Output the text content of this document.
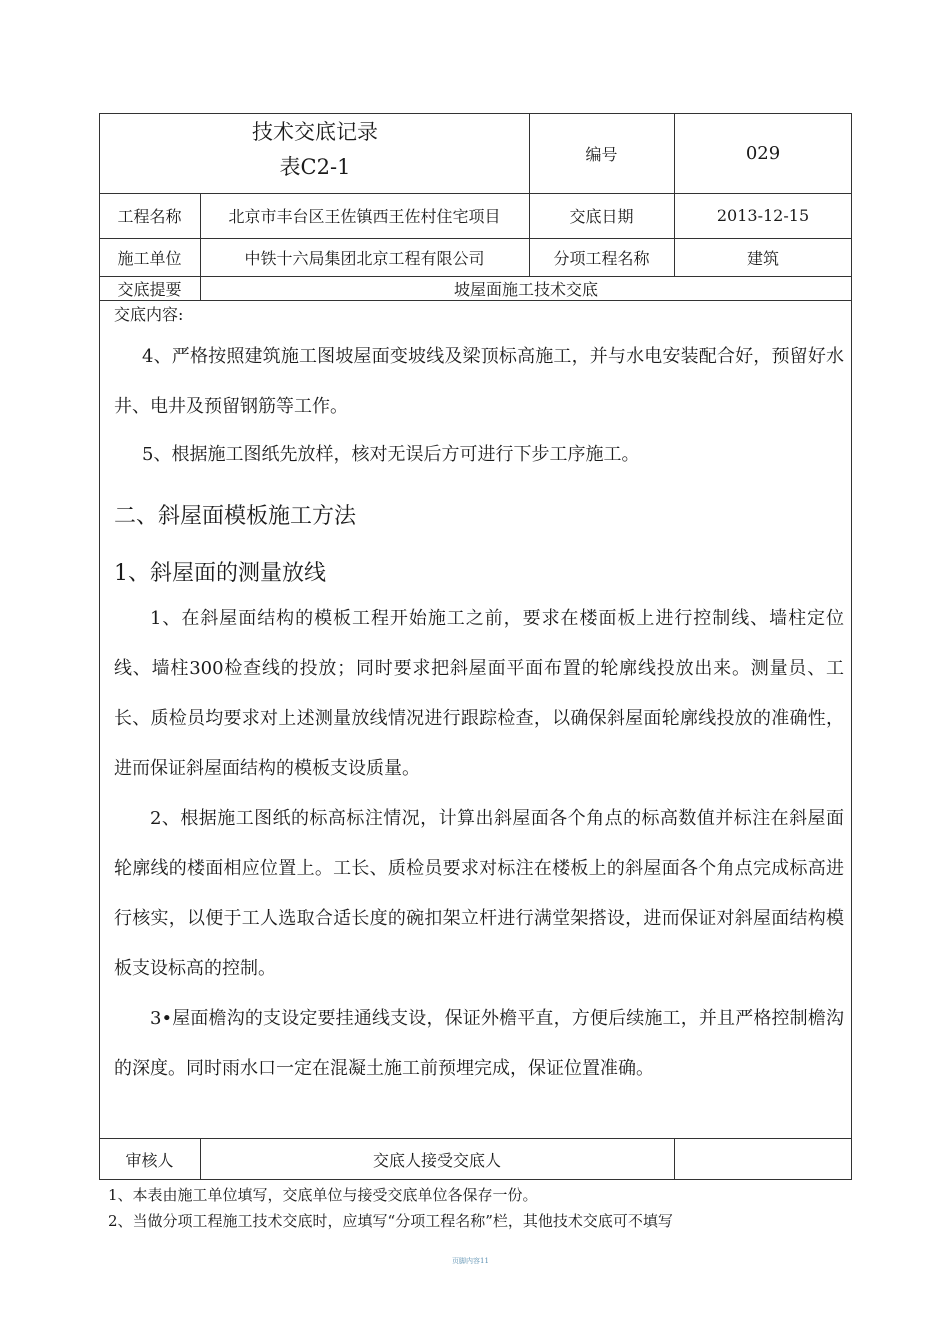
技术交底记录
表C2-1
编号	029
工程名称	北京市丰台区王佐镇西王佐村住宅项目	交底日期	2013-12-15
施工单位	中铁十六局集团北京工程有限公司	分项工程名称	建筑
交底提要	坡屋面施工技术交底
交底内容:
4、严格按照建筑施工图坡屋面变坡线及梁顶标高施工，并与水电安装配合好，预留好水井、电井及预留钢筋等工作。
5、根据施工图纸先放样，核对无误后方可进行下步工序施工。
二、斜屋面模板施工方法
1、斜屋面的测量放线
1、在斜屋面结构的模板工程开始施工之前，要求在楼面板上进行控制线、墙柱定位线、墙柱300检查线的投放；同时要求把斜屋面平面布置的轮廓线投放出来。测量员、工长、质检员均要求对上述测量放线情况进行跟踪检查，以确保斜屋面轮廓线投放的准确性，进而保证斜屋面结构的模板支设质量。
2、根据施工图纸的标高标注情况，计算出斜屋面各个角点的标高数值并标注在斜屋面轮廓线的楼面相应位置上。工长、质检员要求对标注在楼板上的斜屋面各个角点完成标高进行核实，以便于工人选取合适长度的碗扣架立杆进行满堂架搭设，进而保证对斜屋面结构模板支设标高的控制。
3•屋面檐沟的支设定要挂通线支设，保证外檐平直，方便后续施工，并且严格控制檐沟的深度。同时雨水口一定在混凝土施工前预埋完成，保证位置准确。
审核人	交底人接受交底人
1、本表由施工单位填写，交底单位与接受交底单位各保存一份。
2、当做分项工程施工技术交底时，应填写“分项工程名称”栏，其他技术交底可不填写
页脚内容11
